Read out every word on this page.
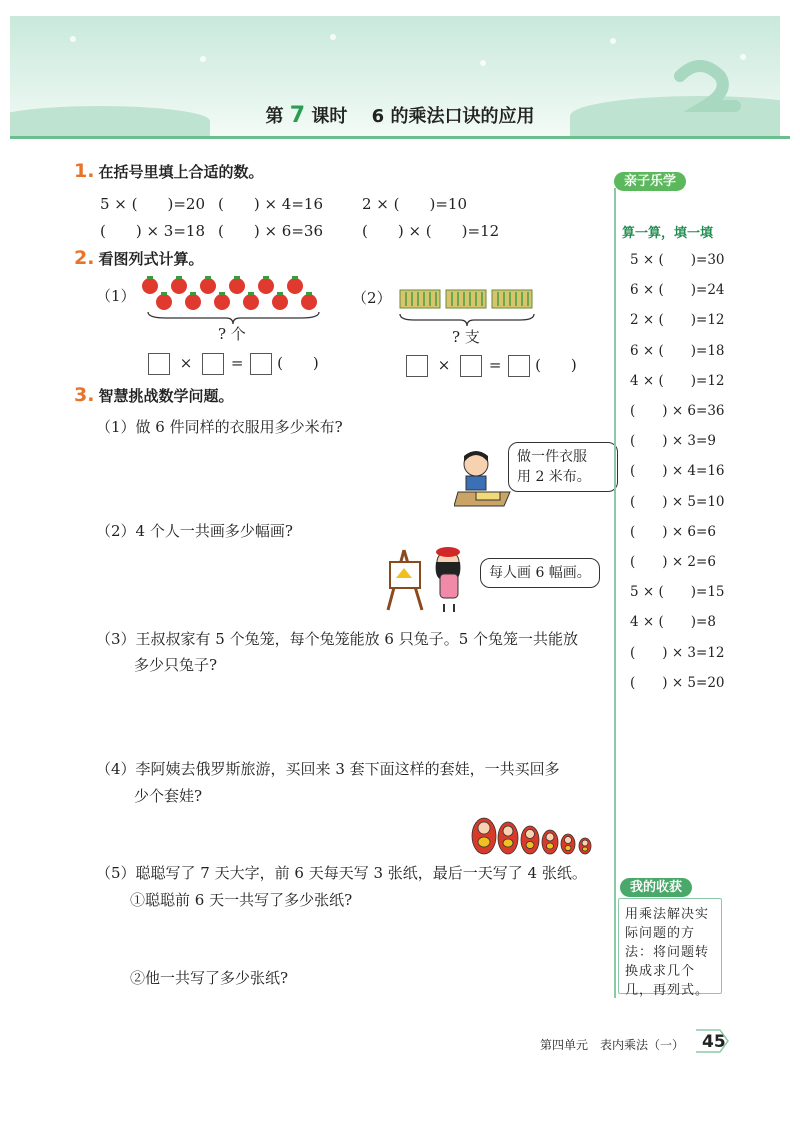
第 7 课时 6 的乘法口诀的应用
1. 在括号里填上合适的数。
5 × (　　)=20 (　　) × 4=16	2 × (　　)=10
(　　) × 3=18 (　　) × 6=36	(　　) × (　　)=12
2. 看图列式计算。
（1）
? 个
×	= (　　)
（2）
? 支
×	= (　　)
3. 智慧挑战数学问题。
（1）做 6 件同样的衣服用多少米布?
做一件衣服
用 2 米布。
（2）4 个人一共画多少幅画?
每人画 6 幅画。
（3）王叔叔家有 5 个兔笼，每个兔笼能放 6 只兔子。5 个兔笼一共能放
多少只兔子?
（4）李阿姨去俄罗斯旅游，买回来 3 套下面这样的套娃，一共买回多
少个套娃?
（5）聪聪写了 7 天大字，前 6 天每天写 3 张纸，最后一天写了 4 张纸。
①聪聪前 6 天一共写了多少张纸?
②他一共写了多少张纸?
亲子乐学
算一算，填一填
5 × (　　)=30
6 × (　　)=24
2 × (　　)=12
6 × (　　)=18
4 × (　　)=12
(　　) × 6=36
(　　) × 3=9
(　　) × 4=16
(　　) × 5=10
(　　) × 6=6
(　　) × 2=6
5 × (　　)=15
4 × (　　)=8
(　　) × 3=12
(　　) × 5=20
我的收获
用乘法解决实际问题的方法：将问题转换成求几个几，再列式。
第四单元　表内乘法（一） 45
